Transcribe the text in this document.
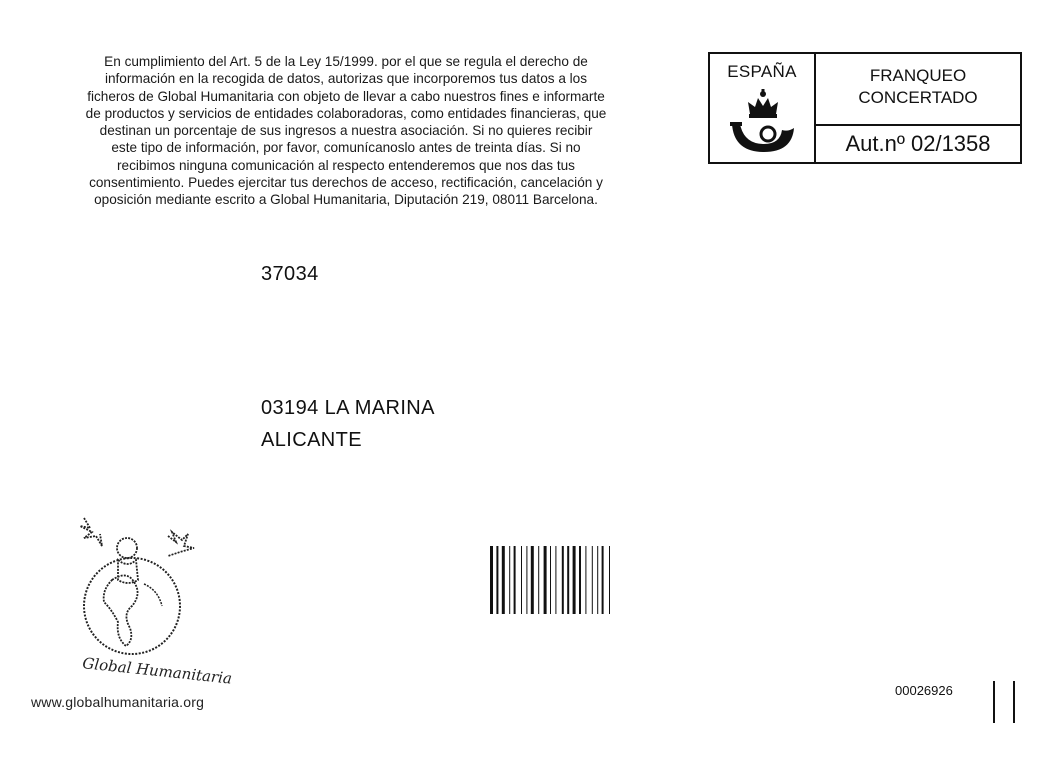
En cumplimiento del Art. 5 de la Ley 15/1999. por el que se regula el derecho de
información en la recogida de datos, autorizas que incorporemos tus datos a los
ficheros de Global Humanitaria con objeto de llevar a cabo nuestros fines e informarte
de productos y servicios de entidades colaboradoras, como entidades financieras, que
destinan un porcentaje de sus ingresos a nuestra asociación. Si no quieres recibir
este tipo de información, por favor, comunícanoslo antes de treinta días. Si no
recibimos ninguna comunicación al respecto entenderemos que nos das tus
consentimiento. Puedes ejercitar tus derechos de acceso, rectificación, cancelación y
oposición mediante escrito a Global Humanitaria, Diputación 219, 08011 Barcelona.
ESPAÑA	FRANQUEO
CONCERTADO
Aut.nº 02/1358
37034
03194 LA MARINA
ALICANTE
Global Humanitaria
www.globalhumanitaria.org
00026926
